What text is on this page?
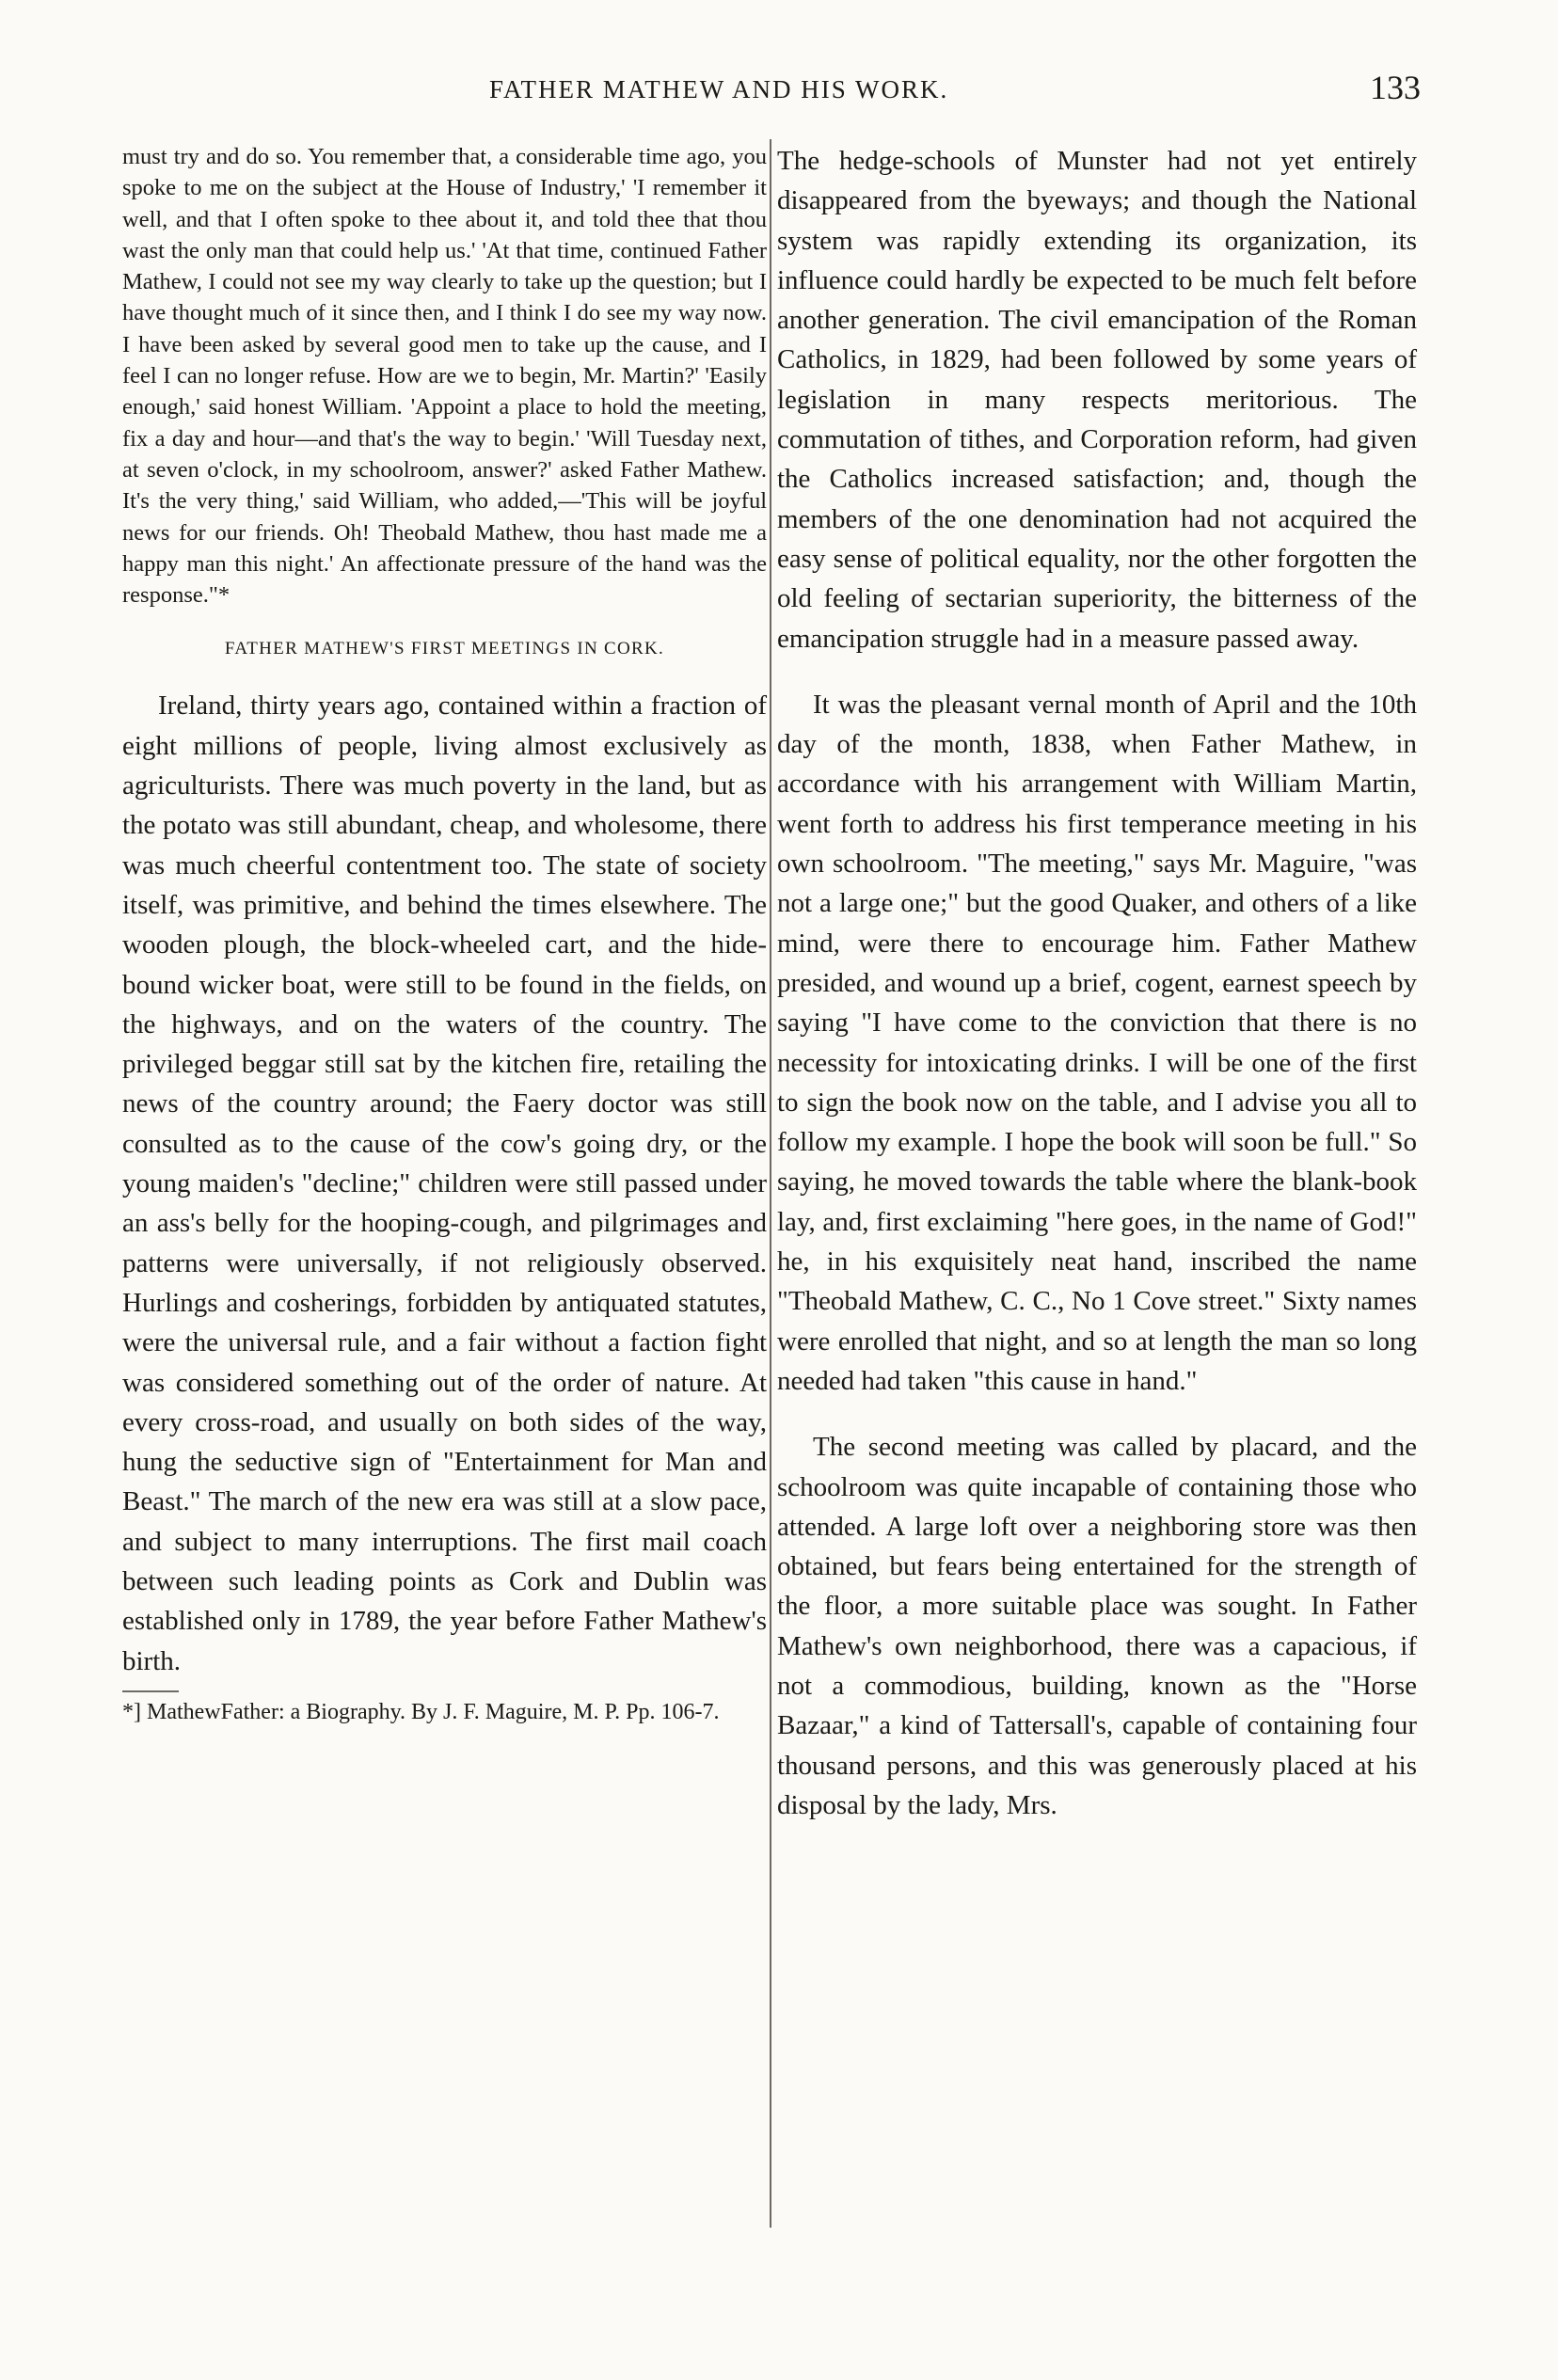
FATHER MATHEW AND HIS WORK.	133

must try and do so. You remember that, a considerable time ago, you spoke to me on the subject at the House of Industry,' 'I remember it well, and that I often spoke to thee about it, and told thee that thou wast the only man that could help us.' 'At that time, continued Father Mathew, I could not see my way clearly to take up the question; but I have thought much of it since then, and I think I do see my way now. I have been asked by several good men to take up the cause, and I feel I can no longer refuse. How are we to begin, Mr. Martin?' 'Easily enough,' said honest William. 'Appoint a place to hold the meeting, fix a day and hour—and that's the way to begin.' 'Will Tuesday next, at seven o'clock, in my schoolroom, answer?' asked Father Mathew. It's the very thing,' said William, who added,—'This will be joyful news for our friends. Oh! Theobald Mathew, thou hast made me a happy man this night.' An affectionate pressure of the hand was the response."*

FATHER MATHEW'S FIRST MEETINGS IN CORK.

Ireland, thirty years ago, contained within a fraction of eight millions of people, living almost exclusively as agriculturists. There was much poverty in the land, but as the potato was still abundant, cheap, and wholesome, there was much cheerful contentment too. The state of society itself, was primitive, and behind the times elsewhere. The wooden plough, the block-wheeled cart, and the hide-bound wicker boat, were still to be found in the fields, on the highways, and on the waters of the country. The privileged beggar still sat by the kitchen fire, retailing the news of the country around; the Faery doctor was still consulted as to the cause of the cow's going dry, or the young maiden's "decline;" children were still passed under an ass's belly for the hooping-cough, and pilgrimages and patterns were universally, if not religiously observed. Hurlings and cosherings, forbidden by antiquated statutes, were the universal rule, and a fair without a faction fight was considered something out of the order of nature. At every cross-road, and usually on both sides of the way, hung the seductive sign of "Entertainment for Man and Beast." The march of the new era was still at a slow pace, and subject to many interruptions. The first mail coach between such leading points as Cork and Dublin was established only in 1789, the year before Father Mathew's birth.

*] MathewFather: a Biography. By J. F. Maguire, M. P. Pp. 106-7.

The hedge-schools of Munster had not yet entirely disappeared from the byeways; and though the National system was rapidly extending its organization, its influence could hardly be expected to be much felt before another generation. The civil emancipation of the Roman Catholics, in 1829, had been followed by some years of legislation in many respects meritorious. The commutation of tithes, and Corporation reform, had given the Catholics increased satisfaction; and, though the members of the one denomination had not acquired the easy sense of political equality, nor the other forgotten the old feeling of sectarian superiority, the bitterness of the emancipation struggle had in a measure passed away.

It was the pleasant vernal month of April and the 10th day of the month, 1838, when Father Mathew, in accordance with his arrangement with William Martin, went forth to address his first temperance meeting in his own schoolroom. "The meeting," says Mr. Maguire, "was not a large one;" but the good Quaker, and others of a like mind, were there to encourage him. Father Mathew presided, and wound up a brief, cogent, earnest speech by saying "I have come to the conviction that there is no necessity for intoxicating drinks. I will be one of the first to sign the book now on the table, and I advise you all to follow my example. I hope the book will soon be full." So saying, he moved towards the table where the blank-book lay, and, first exclaiming "here goes, in the name of God!" he, in his exquisitely neat hand, inscribed the name "Theobald Mathew, C. C., No 1 Cove street." Sixty names were enrolled that night, and so at length the man so long needed had taken "this cause in hand."

The second meeting was called by placard, and the schoolroom was quite incapable of containing those who attended. A large loft over a neighboring store was then obtained, but fears being entertained for the strength of the floor, a more suitable place was sought. In Father Mathew's own neighborhood, there was a capacious, if not a commodious, building, known as the "Horse Bazaar," a kind of Tattersall's, capable of containing four thousand persons, and this was generously placed at his disposal by the lady, Mrs.
